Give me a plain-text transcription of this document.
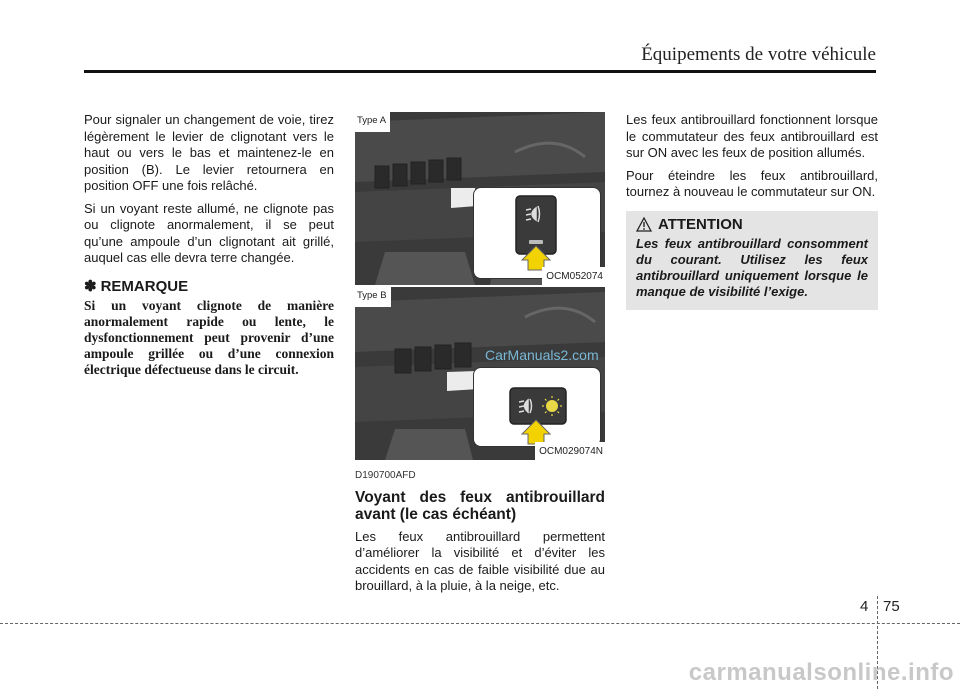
Équipements de votre véhicule

Pour signaler un changement de voie, tirez légèrement le levier de clignotant vers le haut ou vers le bas et maintenez-le en position (B). Le levier retournera en position OFF une fois relâché.

Si un voyant reste allumé, ne clignote pas ou clignote anormalement, il se peut qu’une ampoule d’un clignotant ait grillé, auquel cas elle devra terre changée.

✽ REMARQUE
Si un voyant clignote de manière anormalement rapide ou lente, le dysfonctionnement peut provenir d’une ampoule grillée ou d’une connexion électrique défectueuse dans le circuit.
Type A
OCM052074
Type B
OCM029074N
D190700AFD
Voyant des feux antibrouillard avant (le cas échéant)

Les feux antibrouillard permettent d’améliorer la visibilité et d’éviter les accidents en cas de faible visibilité due au brouillard, à la pluie, à la neige, etc.

Les feux antibrouillard fonctionnent lorsque le commutateur des feux antibrouillard est sur ON avec les feux de position allumés.

Pour éteindre les feux antibrouillard, tournez à nouveau le commutateur sur ON.

ATTENTION
Les feux antibrouillard consomment du courant. Utilisez les feux antibrouillard uniquement lorsque le manque de visibilité l’exige.
CarManuals2.com
4 75
carmanualsonline.info
